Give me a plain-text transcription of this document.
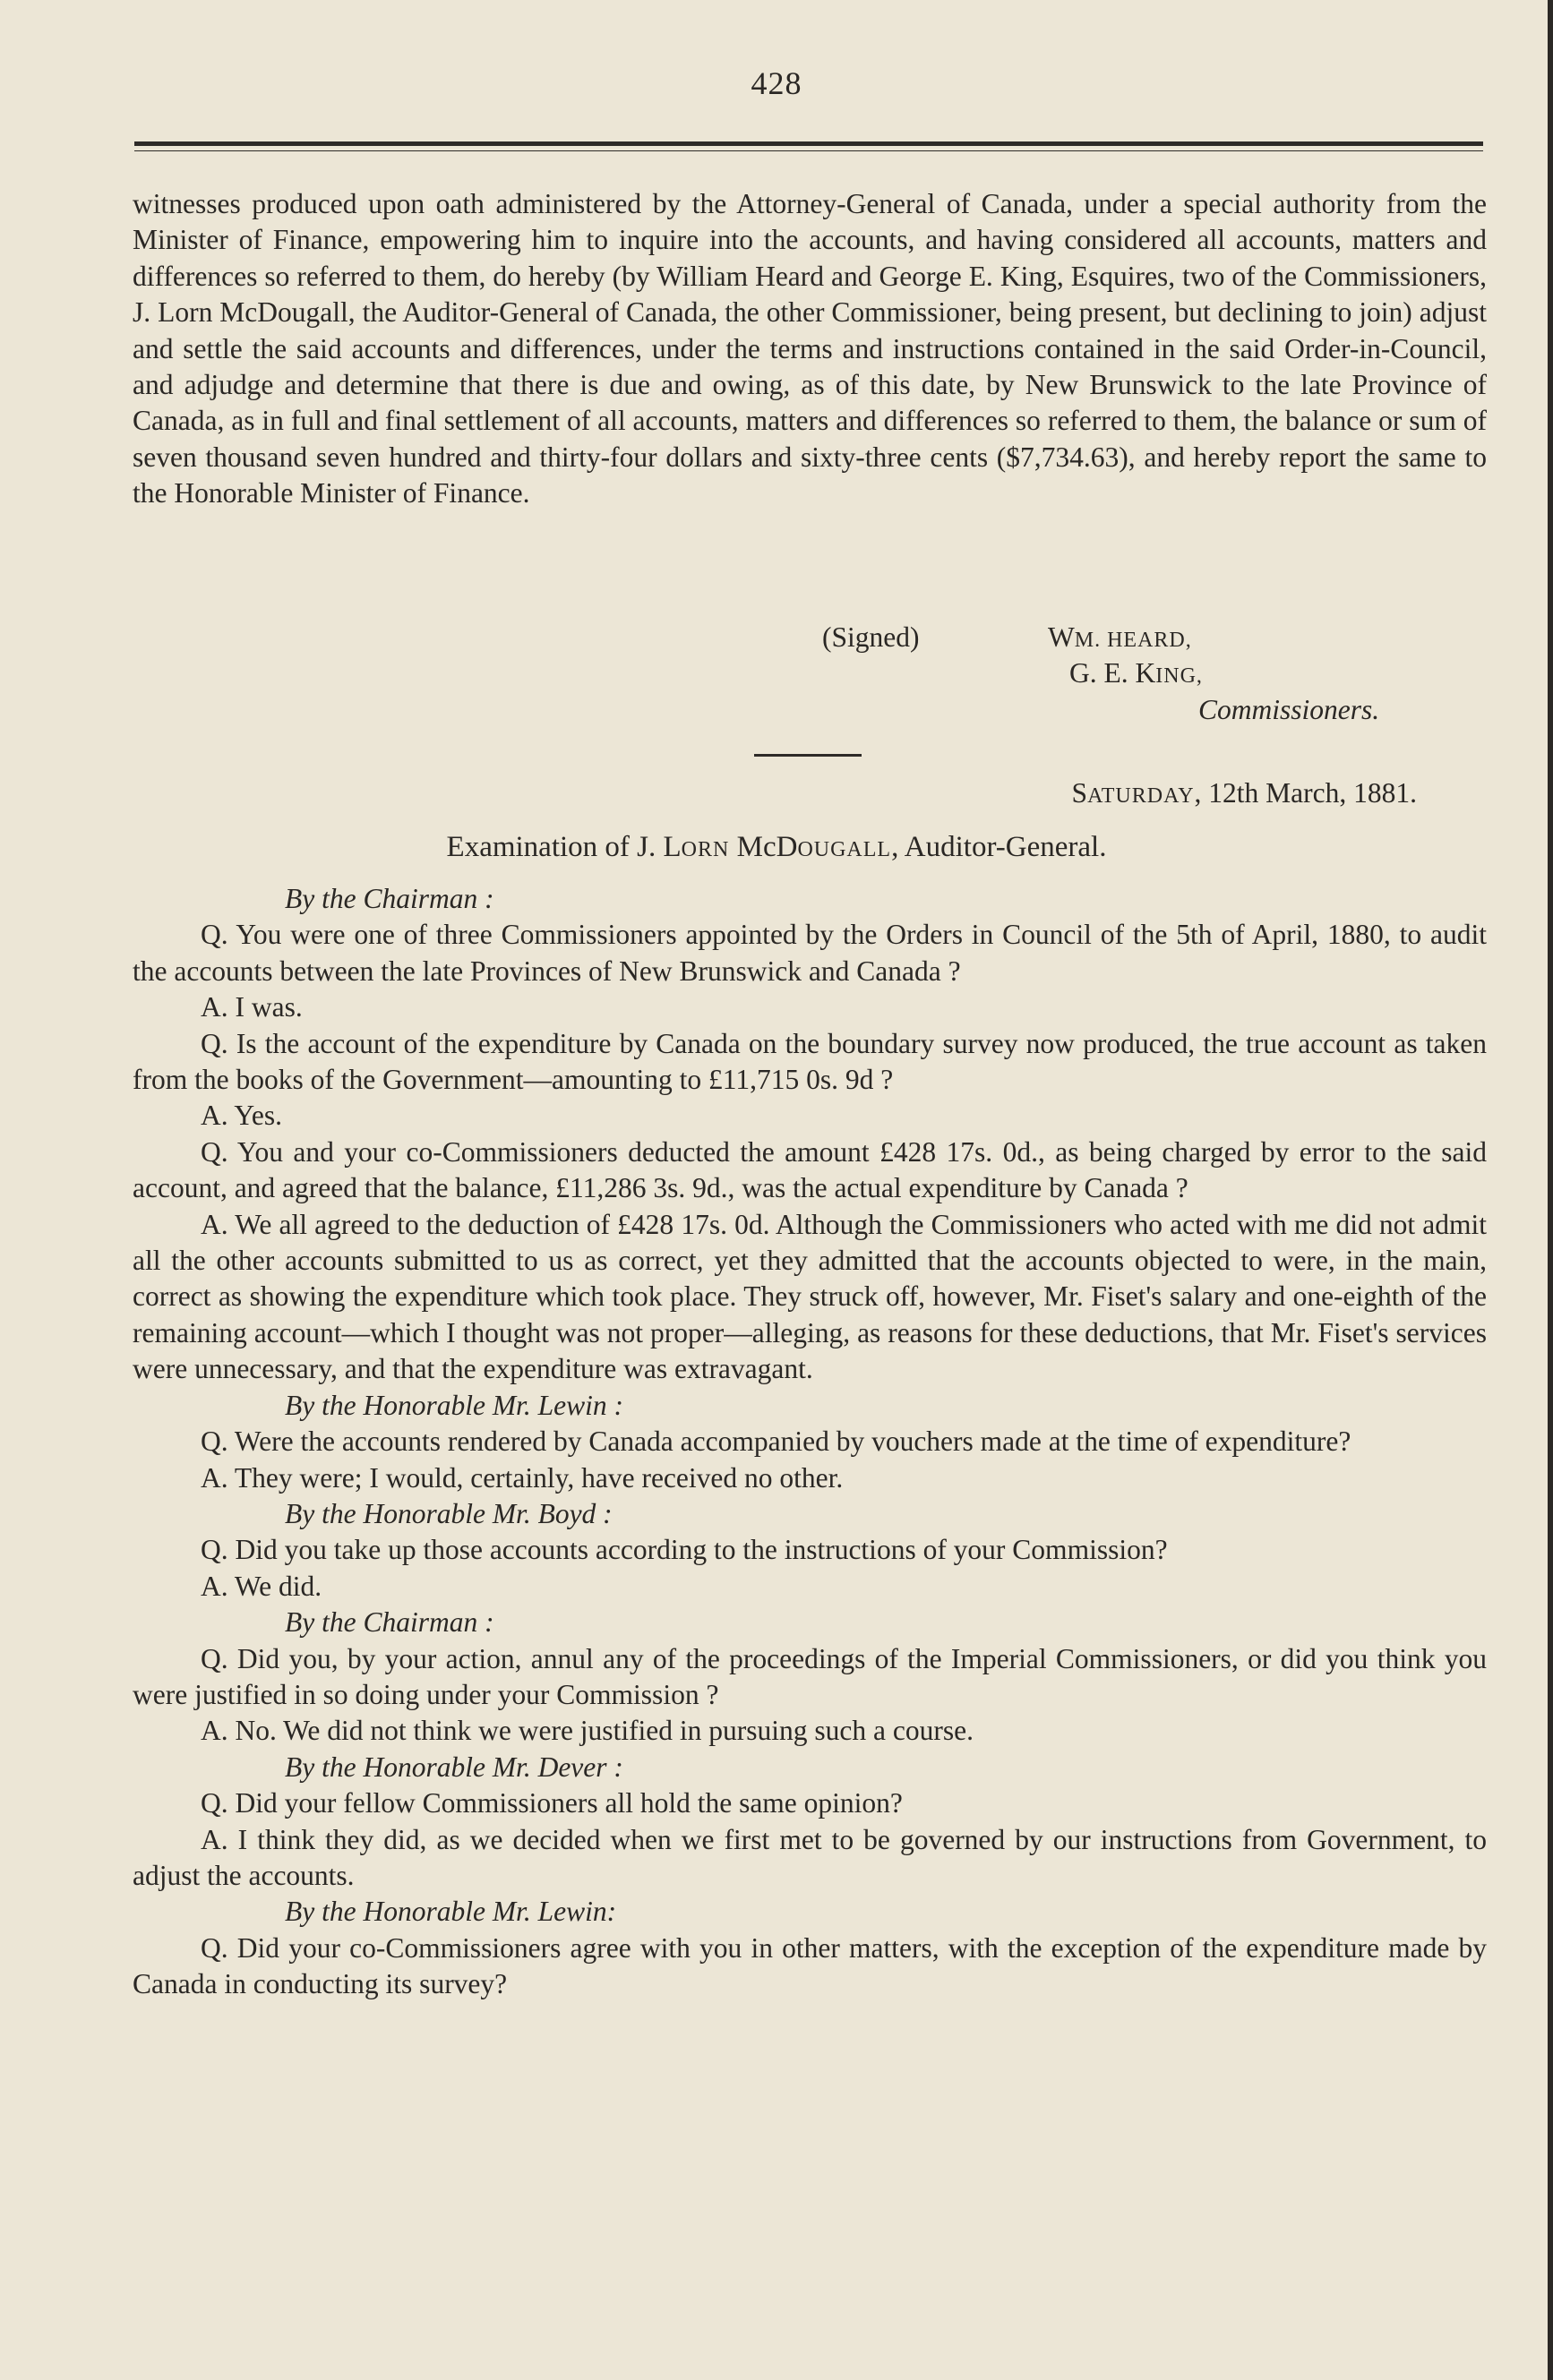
428

witnesses produced upon oath administered by the Attorney-General of Canada, under a special authority from the Minister of Finance, empowering him to inquire into the accounts, and having considered all accounts, matters and differences so referred to them, do hereby (by William Heard and George E. King, Esquires, two of the Commissioners, J. Lorn McDougall, the Auditor-General of Canada, the other Commissioner, being present, but declining to join) adjust and settle the said accounts and differences, under the terms and instructions contained in the said Order-in-Council, and adjudge and determine that there is due and owing, as of this date, by New Brunswick to the late Province of Canada, as in full and final settlement of all accounts, matters and differences so referred to them, the balance or sum of seven thousand seven hundred and thirty-four dollars and sixty-three cents ($7,734.63), and hereby report the same to the Honorable Minister of Finance.

(Signed)	WM. HEARD,
G. E. KING,
Commissioners.
SATURDAY, 12th March, 1881.
Examination of J. LORN McDOUGALL, Auditor-General.

By the Chairman :

Q. You were one of three Commissioners appointed by the Orders in Council of the 5th of April, 1880, to audit the accounts between the late Provinces of New Brunswick and Canada ?

A. I was.

Q. Is the account of the expenditure by Canada on the boundary survey now produced, the true account as taken from the books of the Government—amounting to £11,715 0s. 9d ?

A. Yes.

Q. You and your co-Commissioners deducted the amount £428 17s. 0d., as being charged by error to the said account, and agreed that the balance, £11,286 3s. 9d., was the actual expenditure by Canada ?

A. We all agreed to the deduction of £428 17s. 0d. Although the Commissioners who acted with me did not admit all the other accounts submitted to us as correct, yet they admitted that the accounts objected to were, in the main, correct as showing the expenditure which took place. They struck off, however, Mr. Fiset's salary and one-eighth of the remaining account—which I thought was not proper—alleging, as reasons for these deductions, that Mr. Fiset's services were unnecessary, and that the expenditure was extravagant.

By the Honorable Mr. Lewin :

Q. Were the accounts rendered by Canada accompanied by vouchers made at the time of expenditure?

A. They were; I would, certainly, have received no other.

By the Honorable Mr. Boyd :

Q. Did you take up those accounts according to the instructions of your Commission?

A. We did.

By the Chairman :

Q. Did you, by your action, annul any of the proceedings of the Imperial Commissioners, or did you think you were justified in so doing under your Commission ?

A. No. We did not think we were justified in pursuing such a course.

By the Honorable Mr. Dever :

Q. Did your fellow Commissioners all hold the same opinion?

A. I think they did, as we decided when we first met to be governed by our instructions from Government, to adjust the accounts.

By the Honorable Mr. Lewin:

Q. Did your co-Commissioners agree with you in other matters, with the exception of the expenditure made by Canada in conducting its survey?
